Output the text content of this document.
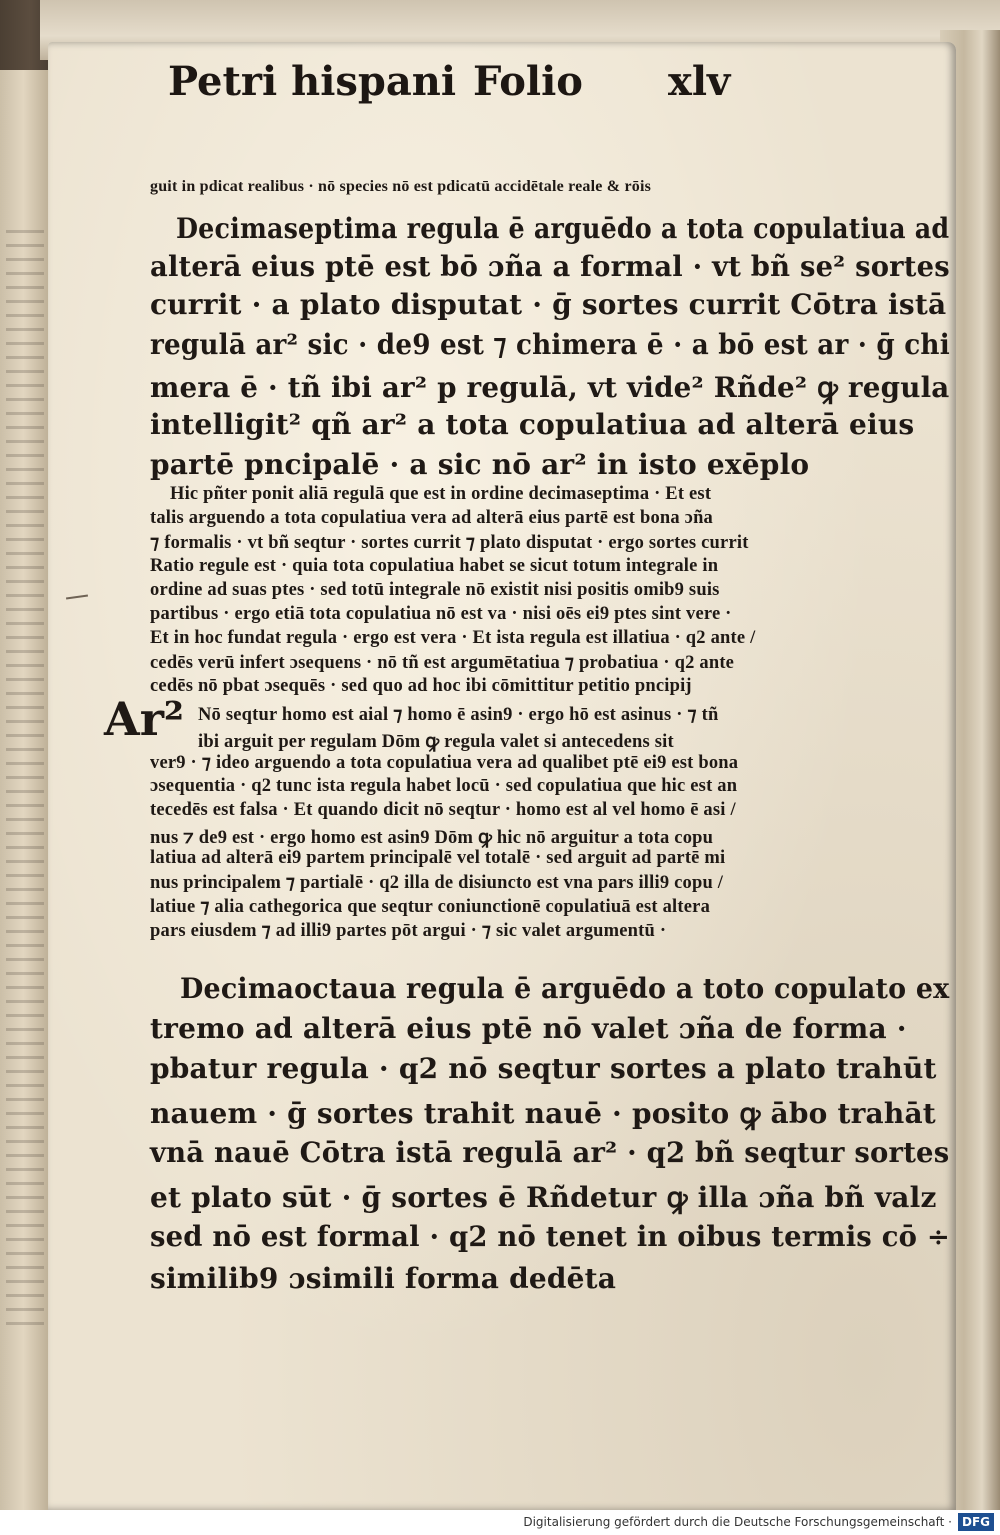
Petri hispani Folio xlv
guit in pdicat realibus · nō species nō est pdicatū accidētale reale & rōis
Decimaseptima regula ē arguēdo a tota copulatiua ad
alterā eius ptē est bō ɔña a formal · vt bñ se² sortes
currit · a plato disputat · ḡ sortes currit Cōtra istā
regulā ar² sic · de9 est ⁊ chimera ē · a bō est ar · ḡ chi
mera ē · tñ ibi ar² p regulā, vt vide² Rñde² ꝙ regula
intelligit² qñ ar² a tota copulatiua ad alterā eius
partē pncipalē · a sic nō ar² in isto exēplo
Hic pñter ponit aliā regulā que est in ordine decimaseptima · Et est
talis arguendo a tota copulatiua vera ad alterā eius partē est bona ɔña
⁊ formalis · vt bñ seqtur · sortes currit ⁊ plato disputat · ergo sortes currit
Ratio regule est · quia tota copulatiua habet se sicut totum integrale in
ordine ad suas ptes · sed totū integrale nō existit nisi positis omib9 suis
partibus · ergo etiā tota copulatiua nō est va · nisi oēs ei9 ptes sint vere ·
Et in hoc fundat regula · ergo est vera · Et ista regula est illatiua · q2 ante /
cedēs verū infert ɔsequens · nō tñ est argumētatiua ⁊ probatiua · q2 ante
cedēs nō pbat ɔsequēs · sed quo ad hoc ibi cōmittitur petitio pncipij
Ar² Nō seqtur homo est aial ⁊ homo ē asin9 · ergo hō est asinus · ⁊ tñ
ibi arguit per regulam Dōm ꝙ regula valet si antecedens sit
ver9 · ⁊ ideo arguendo a tota copulatiua vera ad qualibet ptē ei9 est bona
ɔsequentia · q2 tunc ista regula habet locū · sed copulatiua que hic est an
tecedēs est falsa · Et quando dicit nō seqtur · homo est al vel homo ē asi /
nus ⁊ de9 est · ergo homo est asin9 Dōm ꝙ hic nō arguitur a tota copu
latiua ad alterā ei9 partem principalē vel totalē · sed arguit ad partē mi
nus principalem ⁊ partialē · q2 illa de disiuncto est vna pars illi9 copu /
latiue ⁊ alia cathegorica que seqtur coniunctionē copulatiuā est altera
pars eiusdem ⁊ ad illi9 partes pōt argui · ⁊ sic valet argumentū ·
Decimaoctaua regula ē arguēdo a toto copulato ex
tremo ad alterā eius ptē nō valet ɔña de forma ·
pbatur regula · q2 nō seqtur sortes a plato trahūt
nauem · ḡ sortes trahit nauē · posito ꝙ ābo trahāt
vnā nauē Cōtra istā regulā ar² · q2 bñ seqtur sortes
et plato sūt · ḡ sortes ē Rñdetur ꝙ illa ɔña bñ valz
sed nō est formal · q2 nō tenet in oibus termis cō ÷
similib9 ɔsimili forma dedēta
Digitalisierung gefördert durch die Deutsche Forschungsgemeinschaft · DFG
